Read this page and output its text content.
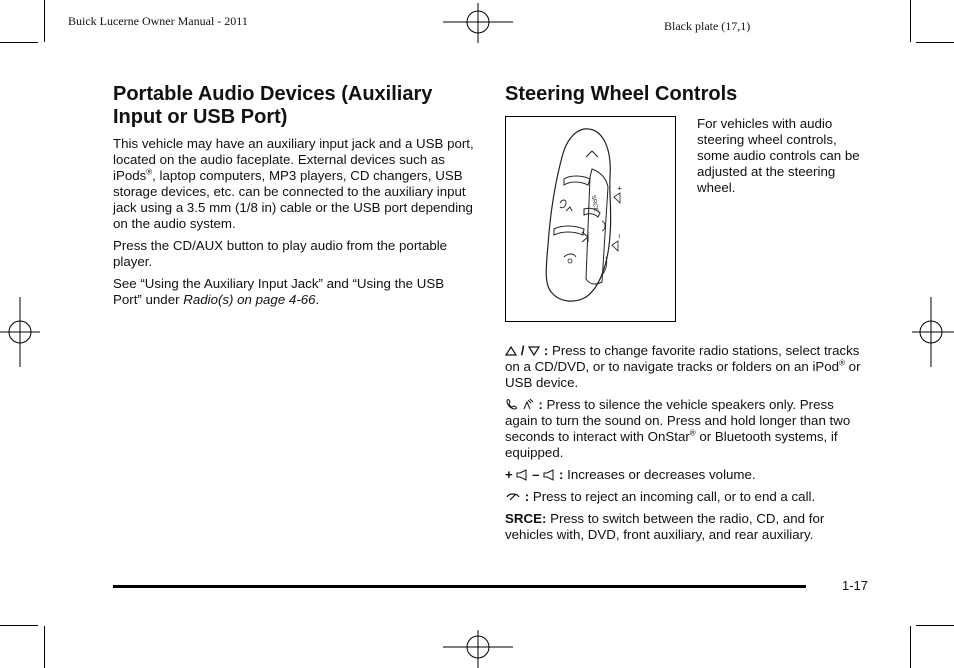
Buick Lucerne Owner Manual - 2011	Black plate (17,1)
Portable Audio Devices (Auxiliary Input or USB Port)

This vehicle may have an auxiliary input jack and a USB port, located on the audio faceplate. External devices such as iPods®, laptop computers, MP3 players, CD changers, USB storage devices, etc. can be connected to the auxiliary input jack using a 3.5 mm (1/8 in) cable or the USB port depending on the audio system.

Press the CD/AUX button to play audio from the portable player.

See “Using the Auxiliary Input Jack” and “Using the USB Port” under Radio(s) on page 4‑66.

Steering Wheel Controls
SRCE
+
–
For vehicles with audio steering wheel controls, some audio controls can be adjusted at the steering wheel.

/ : Press to change favorite radio stations, select tracks on a CD/DVD, or to navigate tracks or folders on an iPod® or USB device.

: Press to silence the vehicle speakers only. Press again to turn the sound on. Press and hold longer than two seconds to interact with OnStar® or Bluetooth systems, if equipped.

+ – : Increases or decreases volume.

: Press to reject an incoming call, or to end a call.

SRCE: Press to switch between the radio, CD, and for vehicles with, DVD, front auxiliary, and rear auxiliary.

1‑17
